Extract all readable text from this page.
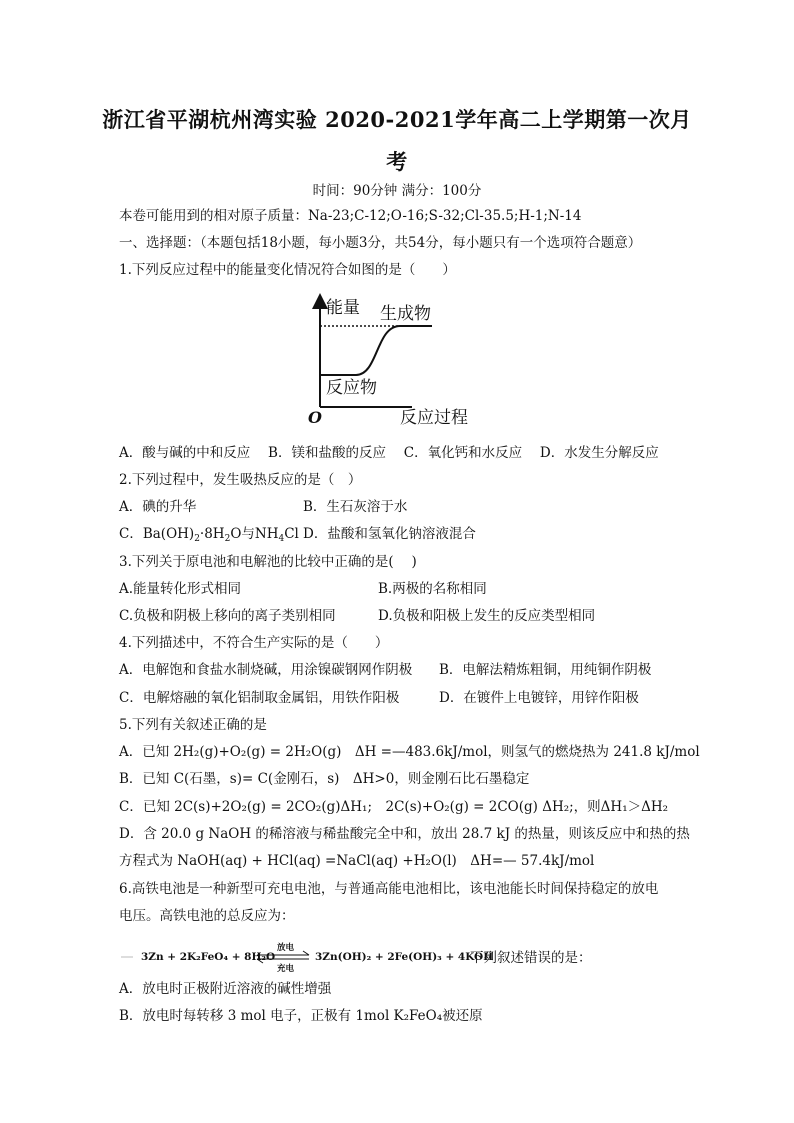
浙江省平湖杭州湾实验 2020-2021学年高二上学期第一次月
考
时间：90分钟 满分：100分
本卷可能用到的相对原子质量：Na-23;C-12;O-16;S-32;Cl-35.5;H-1;N-14
一、选择题：（本题包括18小题，每小题3分，共54分，每小题只有一个选项符合题意）
1.下列反应过程中的能量变化情况符合如图的是（　　）
能量 生成物
反应物
O	反应过程
A．酸与碱的中和反应　 B．镁和盐酸的反应　 C．氧化钙和水反应　 D．水发生分解反应
2.下列过程中，发生吸热反应的是（　）
A．碘的升华	B．生石灰溶于水
C．$Ba(OH)_2\cdot 8H_2O$与$NH_4Cl$ D．盐酸和氢氧化钠溶液混合
3.下列关于原电池和电解池的比较中正确的是(　 )
A.能量转化形式相同	B.两极的名称相同
C.负极和阴极上移向的离子类别相同	D.负极和阳极上发生的反应类型相同
4.下列描述中，不符合生产实际的是（　　）
A．电解饱和食盐水制烧碱，用涂镍碳钢网作阴极 B．电解法精炼粗铜，用纯铜作阴极
C．电解熔融的氧化铝制取金属铝，用铁作阳极	D．在镀件上电镀锌，用锌作阳极
5.下列有关叙述正确的是
A．已知 2H₂(g)+O₂(g) = 2H₂O(g)　ΔH =—483.6kJ/mol，则氢气的燃烧热为 241.8 kJ/mol
B．已知 C(石墨，s)= C(金刚石，s)　ΔH>0，则金刚石比石墨稳定
C．已知 2C(s)+2O₂(g) = 2CO₂(g)ΔH₁;　2C(s)+O₂(g) = 2CO(g) ΔH₂;，则ΔH₁＞ΔH₂
D．含 20.0 g NaOH 的稀溶液与稀盐酸完全中和，放出 28.7 kJ 的热量，则该反应中和热的热
方程式为 NaOH(aq) + HCl(aq) =NaCl(aq) +H₂O(l)　ΔH=— 57.4kJ/mol
6.高铁电池是一种新型可充电电池，与普通高能电池相比，该电池能长时间保持稳定的放电
电压。高铁电池的总反应为：
3Zn + 2K₂FeO₄ + 8H₂O
放电
充电
3Zn(OH)₂ + 2Fe(OH)₃ + 4KOH
下列叙述错误的是：
A．放电时正极附近溶液的碱性增强
B．放电时每转移 3 mol 电子，正极有 1mol K₂FeO₄被还原
